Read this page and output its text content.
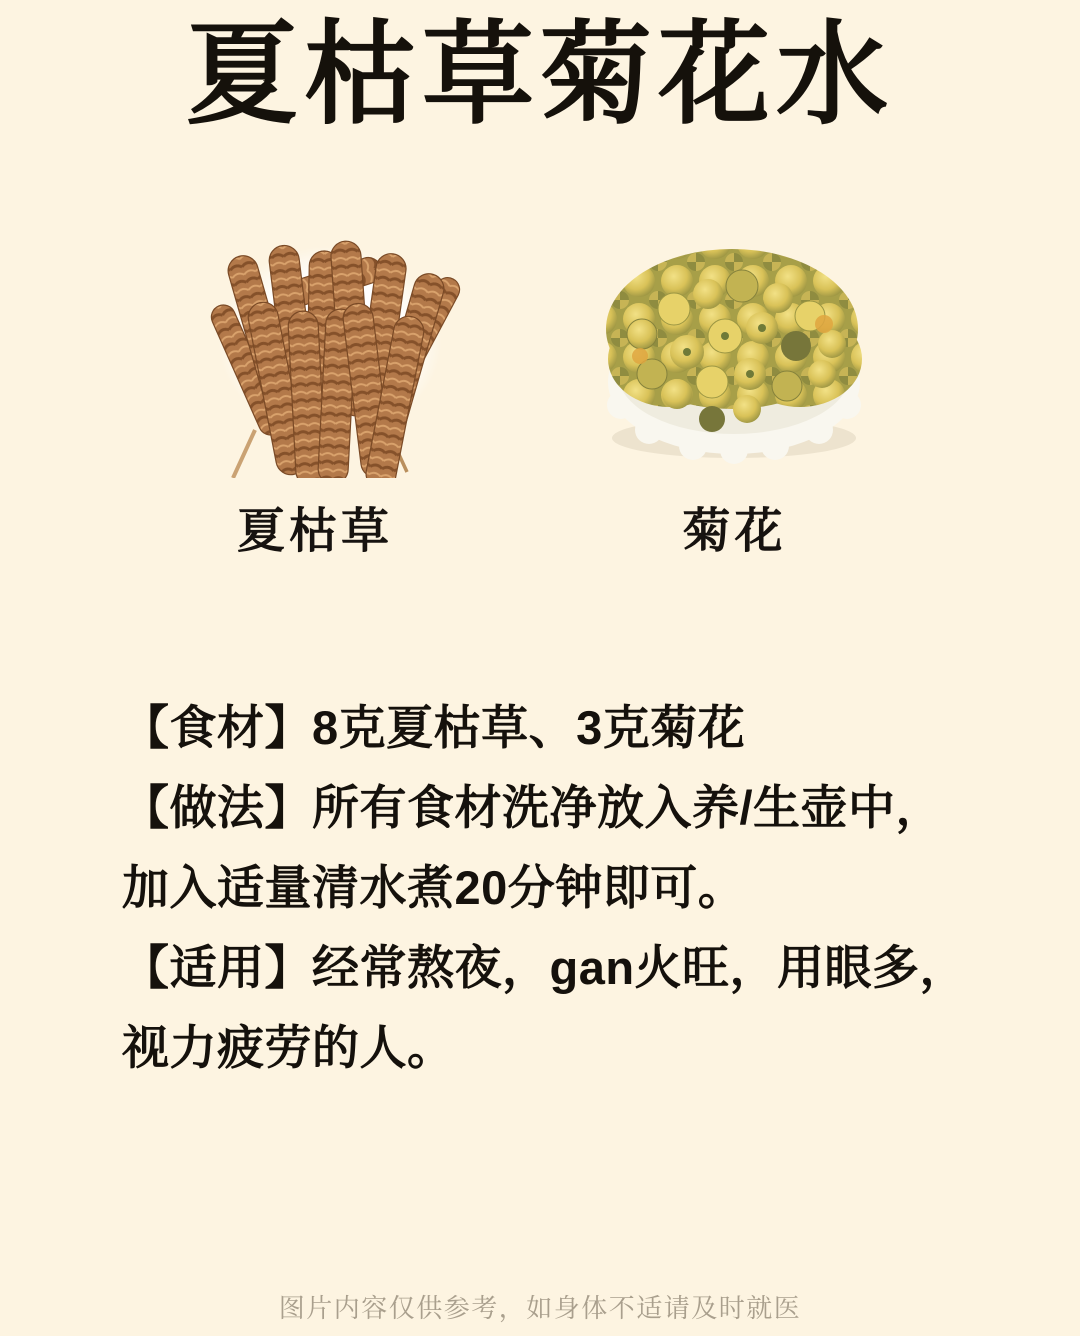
夏枯草菊花水
夏枯草	菊花
【食材】8克夏枯草、3克菊花
【做法】所有食材洗净放入养/生壶中，
加入适量清水煮20分钟即可。
【适用】经常熬夜，gan火旺，用眼多，
视力疲劳的人。
图片内容仅供参考，如身体不适请及时就医
